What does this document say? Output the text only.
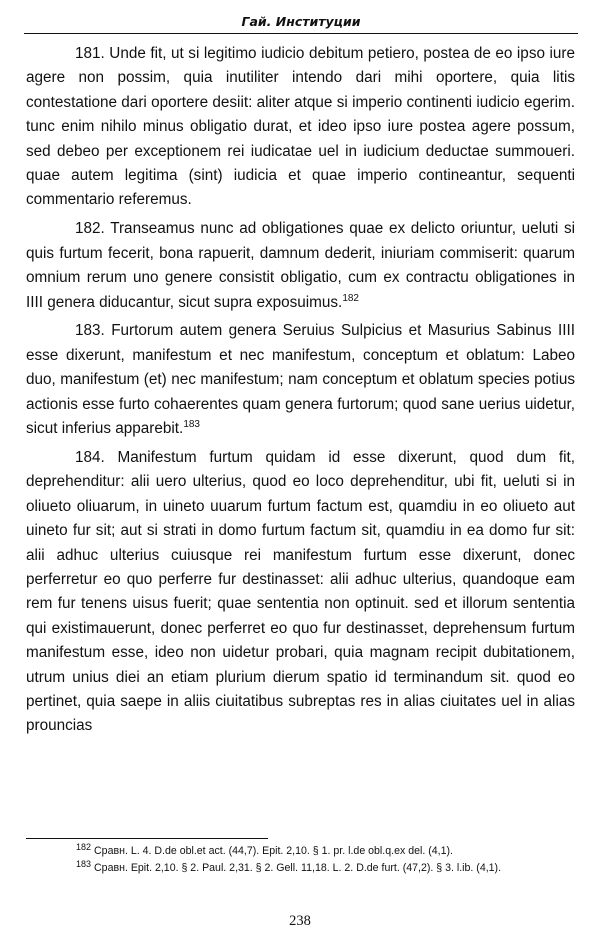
Гай. Институции

181. Unde fit, ut si legitimo iudicio debitum petiero, postea de eo ipso iure agere non possim, quia inutiliter intendo dari mihi oportere, quia litis contestatione dari oportere desiit: aliter atque si imperio continenti iudicio egerim. tunc enim nihilo minus obligatio durat, et ideo ipso iure postea agere possum, sed debeo per exceptionem rei iudicatae uel in iudicium deductae summoueri. quae autem legitima (sint) iudicia et quae imperio contineantur, sequenti commentario referemus.

182. Transeamus nunc ad obligationes quae ex delicto oriuntur, ueluti si quis furtum fecerit, bona rapuerit, damnum dederit, iniuriam commiserit: quarum omnium rerum uno genere consistit obligatio, cum ex contractu obligationes in IIII genera diducantur, sicut supra exposuimus.$^{182}$

183. Furtorum autem genera Seruius Sulpicius et Masurius Sabinus IIII esse dixerunt, manifestum et nec manifestum, conceptum et oblatum: Labeo duo, manifestum (et) nec manifestum; nam conceptum et oblatum species potius actionis esse furto cohaerentes quam genera furtorum; quod sane uerius uidetur, sicut inferius apparebit.$^{183}$

184. Manifestum furtum quidam id esse dixerunt, quod dum fit, deprehenditur: alii uero ulterius, quod eo loco deprehenditur, ubi fit, ueluti si in oliueto oliuarum, in uineto uuarum furtum factum est, quamdiu in eo oliueto aut uineto fur sit; aut si strati in domo furtum factum sit, quamdiu in ea domo fur sit: alii adhuc ulterius cuiusque rei manifestum furtum esse dixerunt, donec perferretur eo quo perferre fur destinasset: alii adhuc ulterius, quandoque eam rem fur tenens uisus fuerit; quae sententia non optinuit. sed et illorum sententia qui existimauerunt, donec perferret eo quo fur destinasset, deprehensum furtum manifestum esse, ideo non uidetur probari, quia magnam recipit dubitationem, utrum unius diei an etiam plurium dierum spatio id terminandum sit. quod eo pertinet, quia saepe in aliis ciuitatibus subreptas res in alias ciuitates uel in alias prouncias

$^{182}$ Сравн. L. 4. D.de obl.et act. (44,7). Epit. 2,10. § 1. pr. l.de obl.q.ex del. (4,1).

$^{183}$ Сравн. Epit. 2,10. § 2. Paul. 2,31. § 2. Gell. 11,18. L. 2. D.de furt. (47,2). § 3. l.ib. (4,1).

238
